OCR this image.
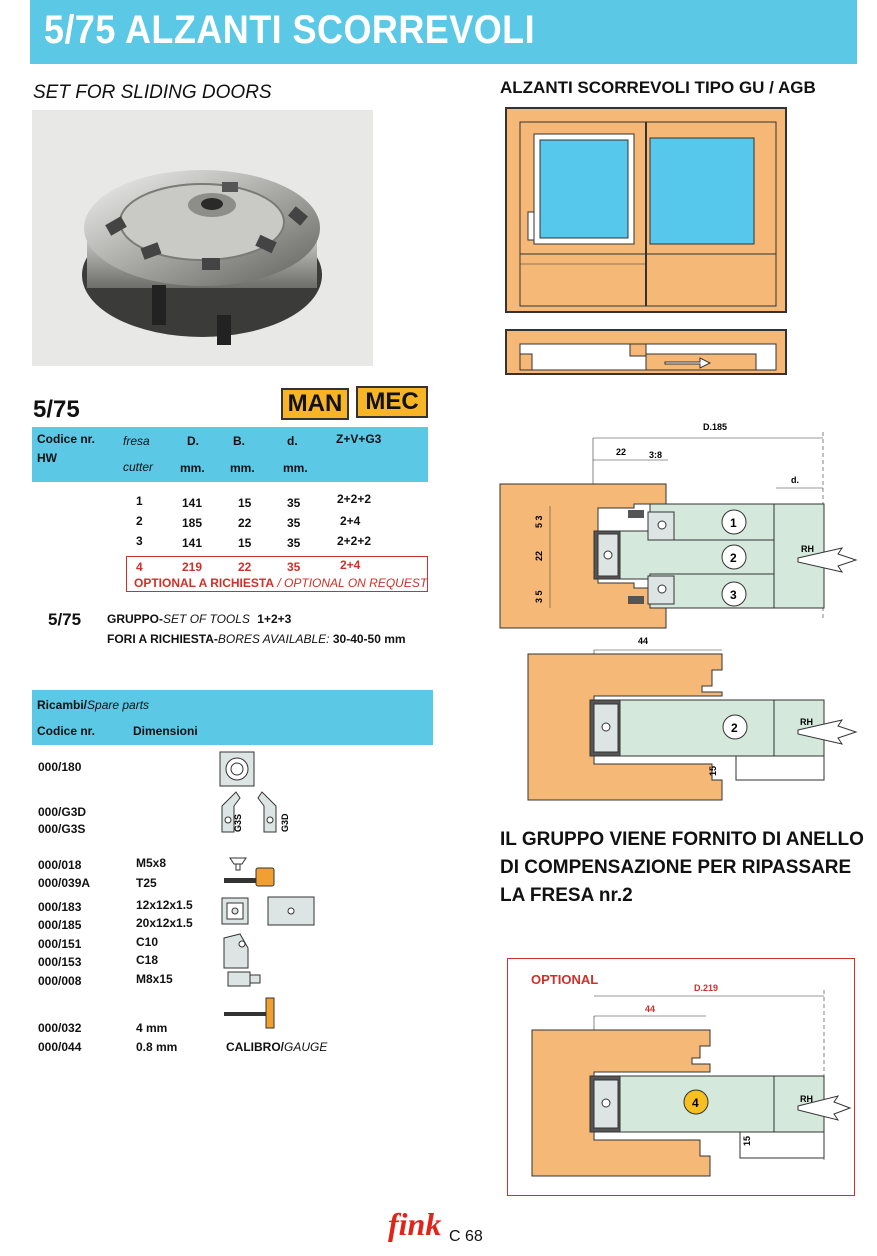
5/75 ALZANTI SCORREVOLI
SET FOR SLIDING DOORS	ALZANTI SCORREVOLI TIPO GU / AGB
5/75	MAN MEC
Codice nr.
HW
fresa
cutter
D.	B.	d.
mm. mm. mm.
Z+V+G3
1	141	15	35	2+2+2
2	185	22	35	2+4
3	141	15	35	2+2+2
4	219	22	35	2+4
OPTIONAL A RICHIESTA / OPTIONAL ON REQUEST
5/75 GRUPPO-SET OF TOOLS 1+2+3
FORI A RICHIESTA-BORES AVAILABLE: 30-40-50 mm
Ricambi/Spare parts
Codice nr.	Dimensioni
000/180
000/G3D
000/G3S
000/018	M5x8
000/039A	T25
000/183	12x12x1.5
000/185	20x12x1.5
000/151	C10
000/153	C18
000/008	M8x15
000/032	4 mm
000/044	0.8 mm	CALIBRO/GAUGE
G3S	G3D
D.185
22	3:8
d.
5 3
22
3 5
1
2
3
RH
44
2	RH
15
IL GRUPPO VIENE FORNITO DI ANELLO
DI COMPENSAZIONE PER RIPASSARE
LA FRESA nr.2
OPTIONAL
D.219
44
4	RH
15
fink C 68
